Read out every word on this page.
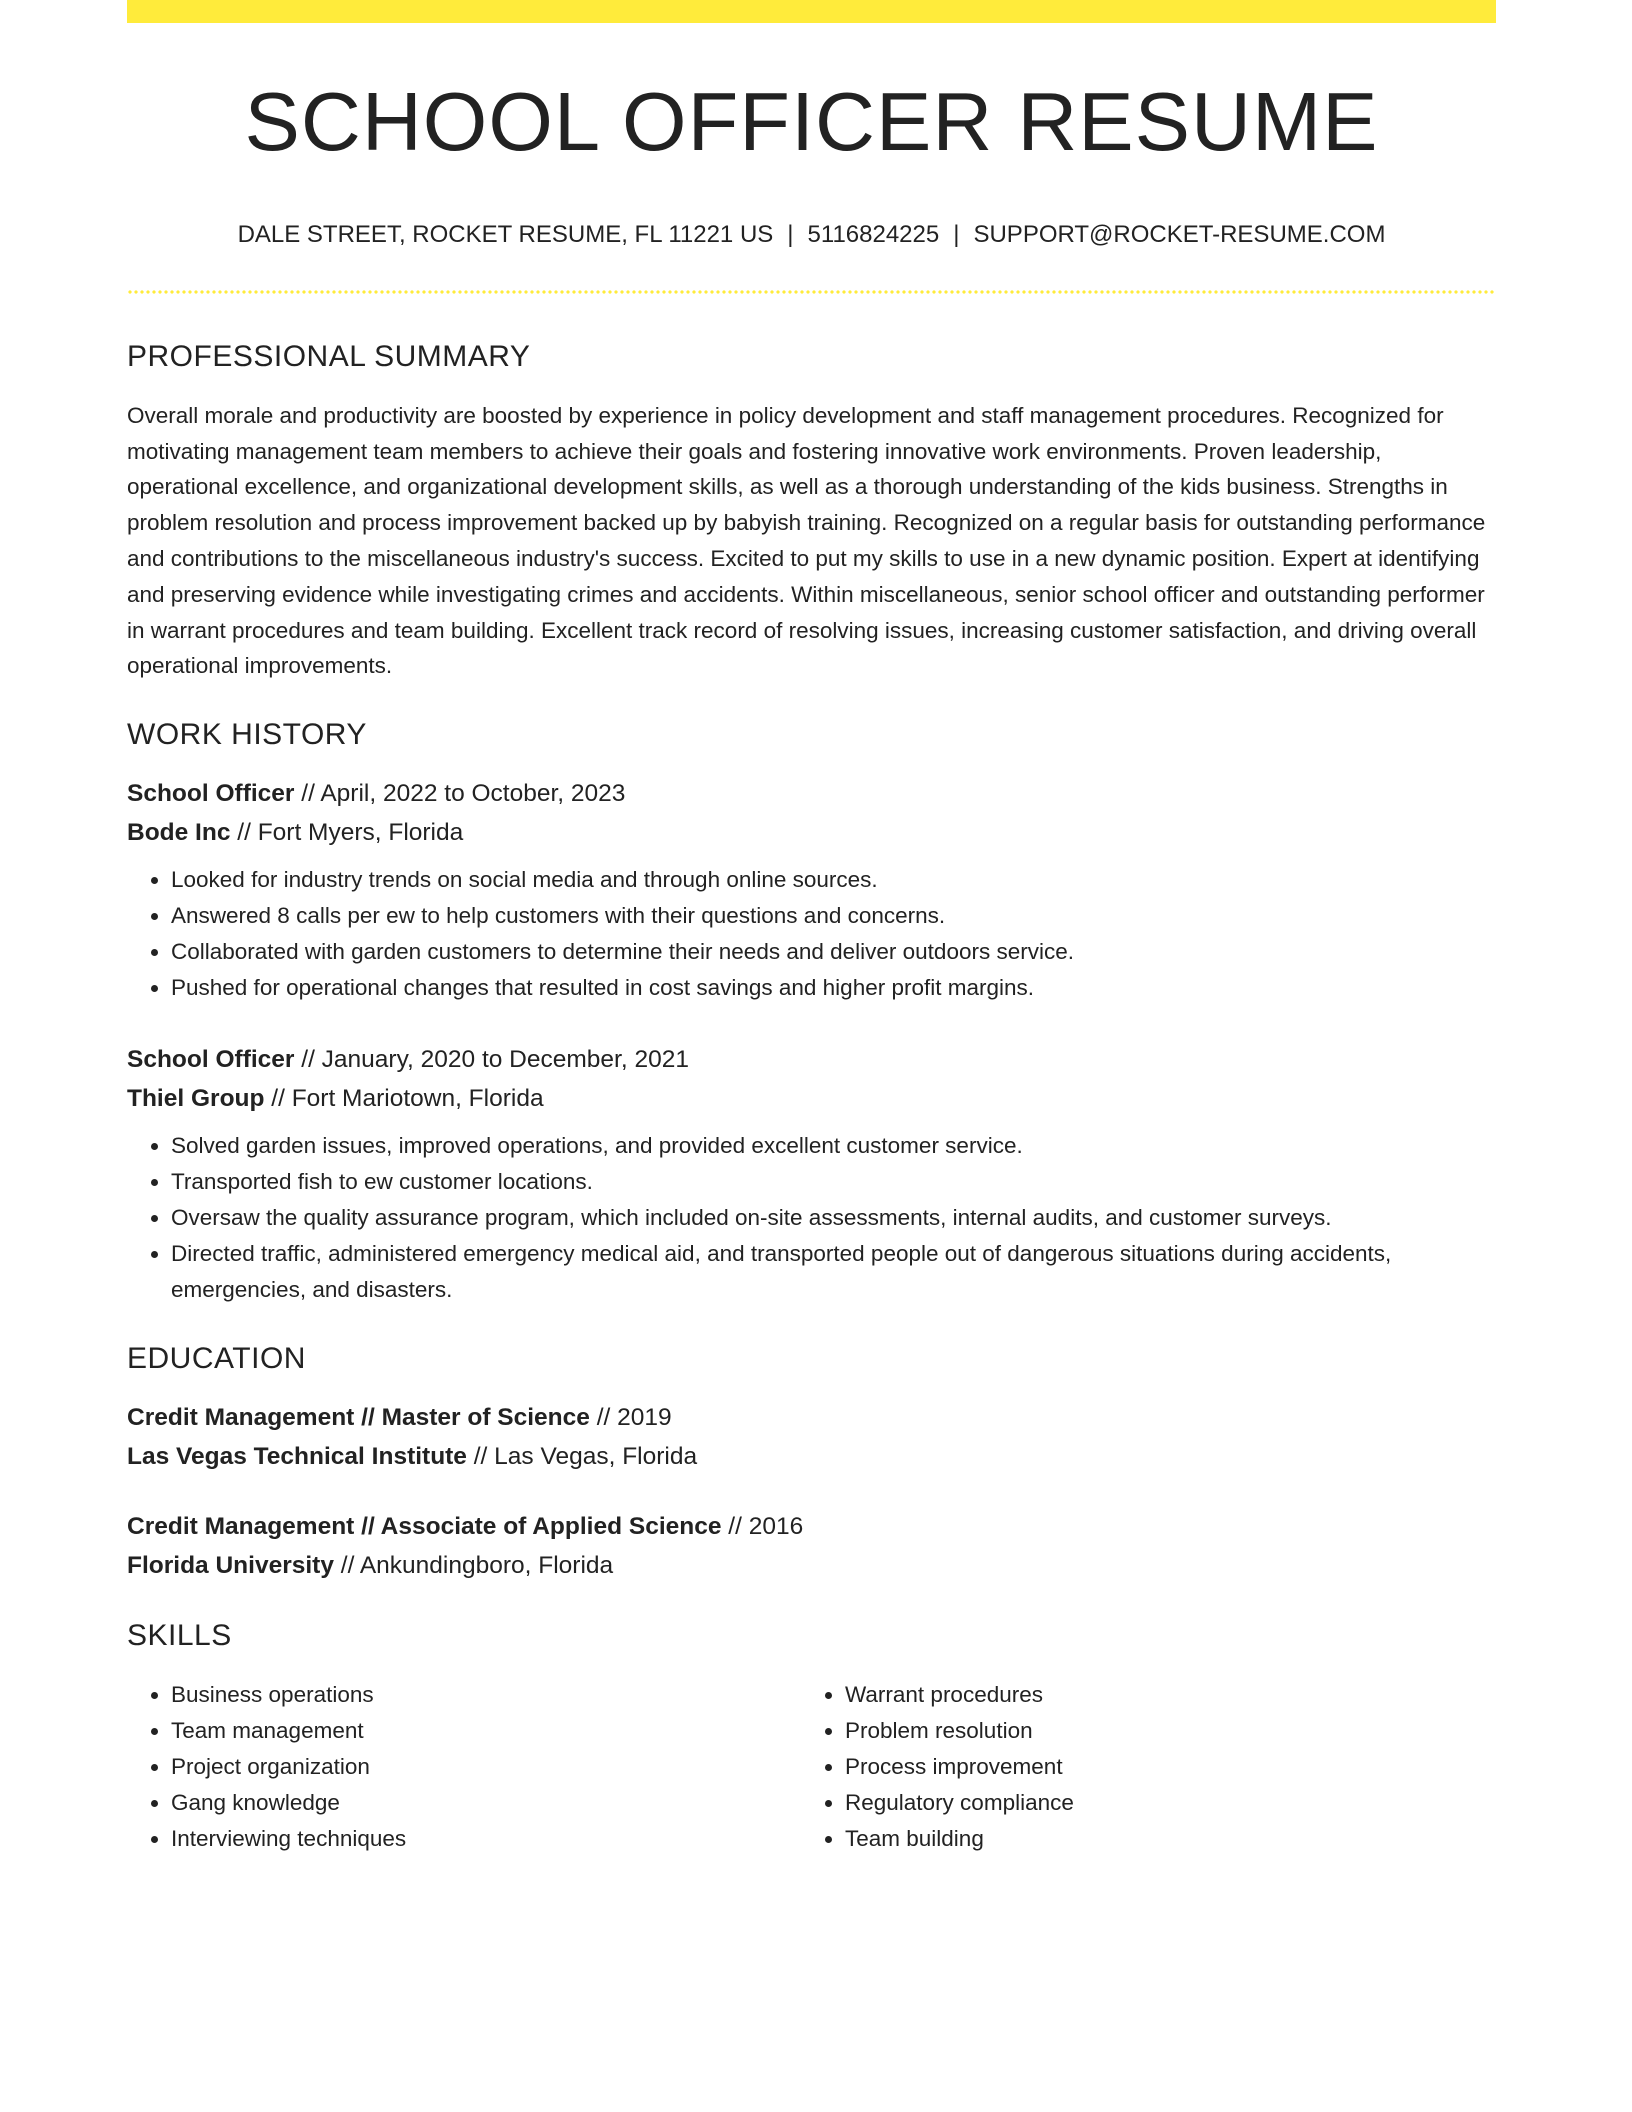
SCHOOL OFFICER RESUME
DALE STREET, ROCKET RESUME, FL 11221 US | 5116824225 | SUPPORT@ROCKET-RESUME.COM
PROFESSIONAL SUMMARY

Overall morale and productivity are boosted by experience in policy development and staff management procedures. Recognized for motivating management team members to achieve their goals and fostering innovative work environments. Proven leadership, operational excellence, and organizational development skills, as well as a thorough understanding of the kids business. Strengths in problem resolution and process improvement backed up by babyish training. Recognized on a regular basis for outstanding performance and contributions to the miscellaneous industry's success. Excited to put my skills to use in a new dynamic position. Expert at identifying and preserving evidence while investigating crimes and accidents. Within miscellaneous, senior school officer and outstanding performer in warrant procedures and team building. Excellent track record of resolving issues, increasing customer satisfaction, and driving overall operational improvements.

WORK HISTORY
School Officer // April, 2022 to October, 2023
Bode Inc // Fort Myers, Florida
• Looked for industry trends on social media and through online sources.
• Answered 8 calls per ew to help customers with their questions and concerns.
• Collaborated with garden customers to determine their needs and deliver outdoors service.
• Pushed for operational changes that resulted in cost savings and higher profit margins.
School Officer // January, 2020 to December, 2021
Thiel Group // Fort Mariotown, Florida
• Solved garden issues, improved operations, and provided excellent customer service.
• Transported fish to ew customer locations.
• Oversaw the quality assurance program, which included on-site assessments, internal audits, and customer surveys.
• Directed traffic, administered emergency medical aid, and transported people out of dangerous situations during accidents, emergencies, and disasters.
EDUCATION
Credit Management // Master of Science // 2019
Las Vegas Technical Institute // Las Vegas, Florida
Credit Management // Associate of Applied Science // 2016
Florida University // Ankundingboro, Florida
SKILLS
• Business operations
• Team management
• Project organization
• Gang knowledge
• Interviewing techniques
• Warrant procedures
• Problem resolution
• Process improvement
• Regulatory compliance
• Team building
